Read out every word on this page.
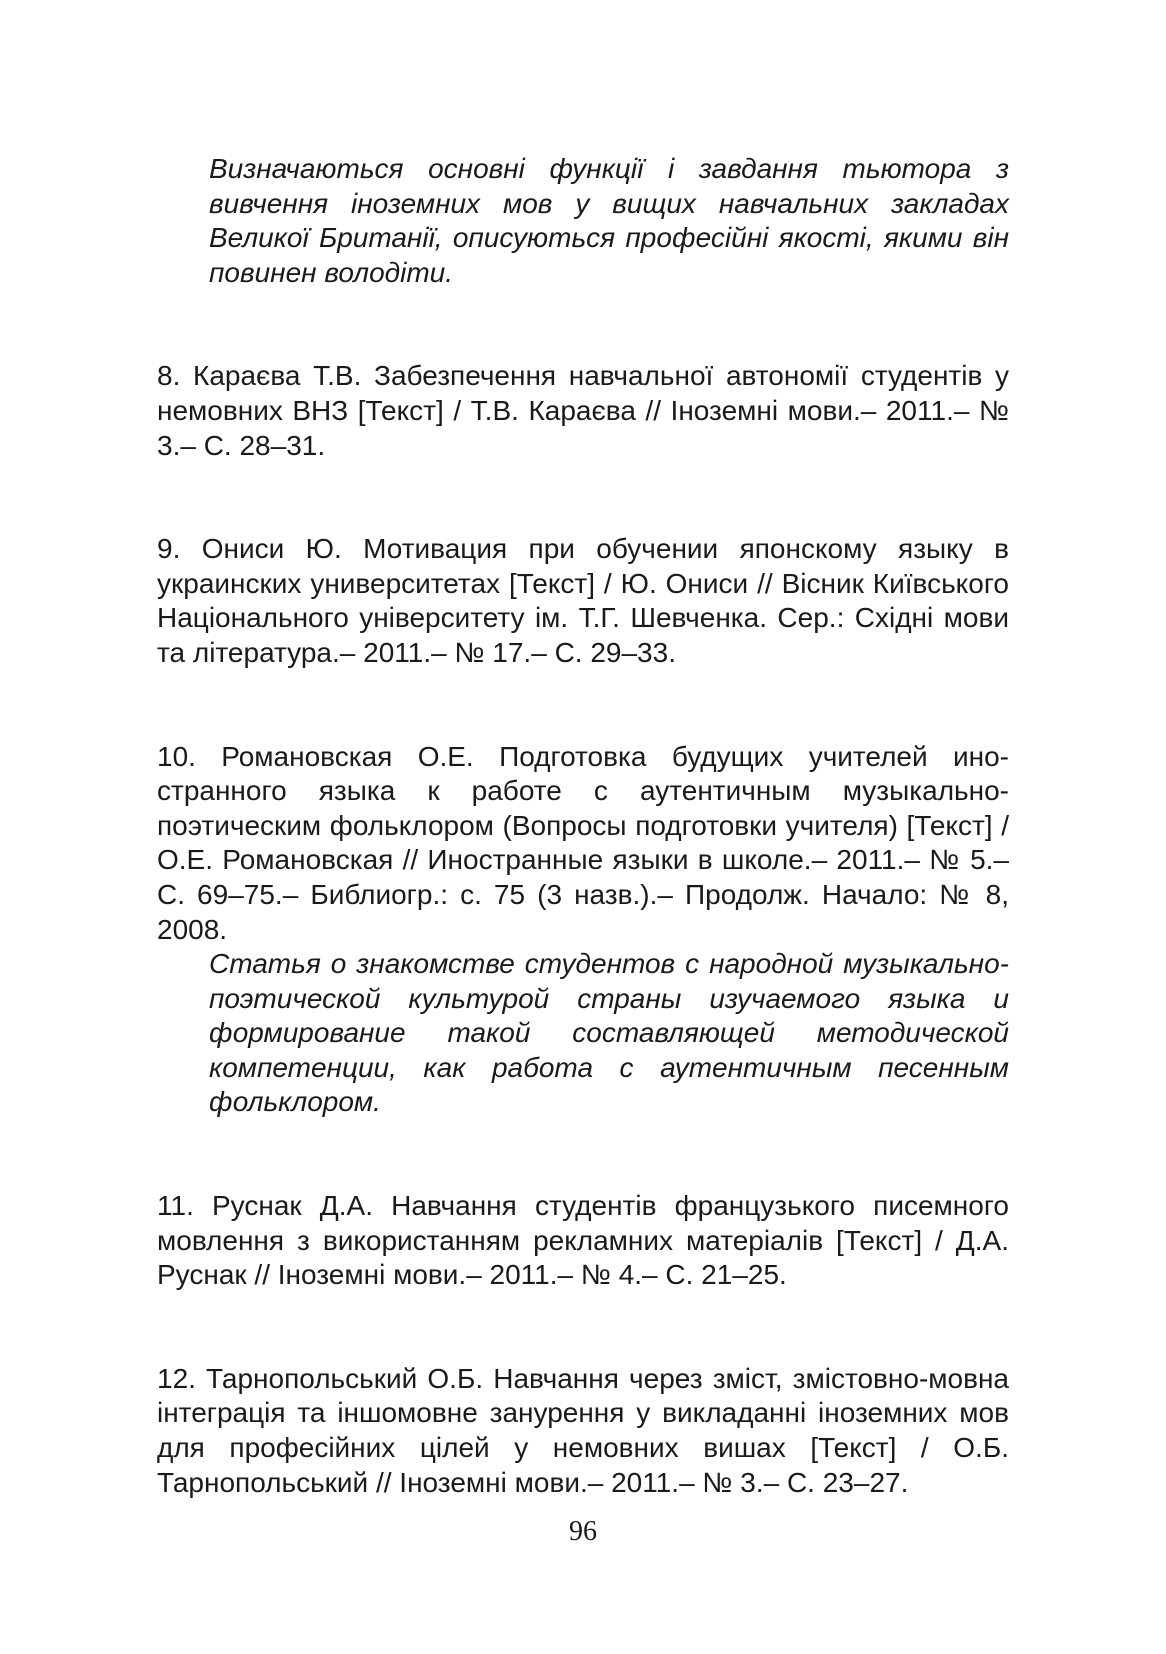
Визначаються основні функції і завдання тьютора з вивчення іноземних мов у вищих навчальних закладах Великої Британії, описуються професійні якості, якими він повинен володіти.
8. Караєва Т.В. Забезпечення навчальної автономії студентів у немовних ВНЗ [Текст] / Т.В. Караєва // Іноземні мови.– 2011.– № 3.– С. 28–31.
9. Ониси Ю. Мотивация при обучении японскому языку в украинских университетах [Текст] / Ю. Ониси // Вісник Київського Національного університету ім. Т.Г. Шевченка. Сер.: Східні мови та література.– 2011.– № 17.– С. 29–33.
10. Романовская О.Е. Подготовка будущих учителей иностранного языка к работе с аутентичным музыкально-поэтическим фольклором (Вопросы подготовки учителя) [Текст] / О.Е. Романовская // Иностранные языки в школе.– 2011.– № 5.– С. 69–75.– Библиогр.: с. 75 (3 назв.).– Продолж. Начало: № 8, 2008.
Статья о знакомстве студентов с народной музыкально-поэтической культурой страны изучаемого языка и формирование такой составляющей методической компетенции, как работа с аутентичным песенным фольклором.
11. Руснак Д.А. Навчання студентів французького писемного мовлення з використанням рекламних матеріалів [Текст] / Д.А. Руснак // Іноземні мови.– 2011.– № 4.– С. 21–25.
12. Тарнопольський О.Б. Навчання через зміст, змістовно-мовна інтеграція та іншомовне занурення у викладанні іноземних мов для професійних цілей у немовних вишах [Текст] / О.Б. Тарнопольський // Іноземні мови.– 2011.– № 3.– С. 23–27.
96
